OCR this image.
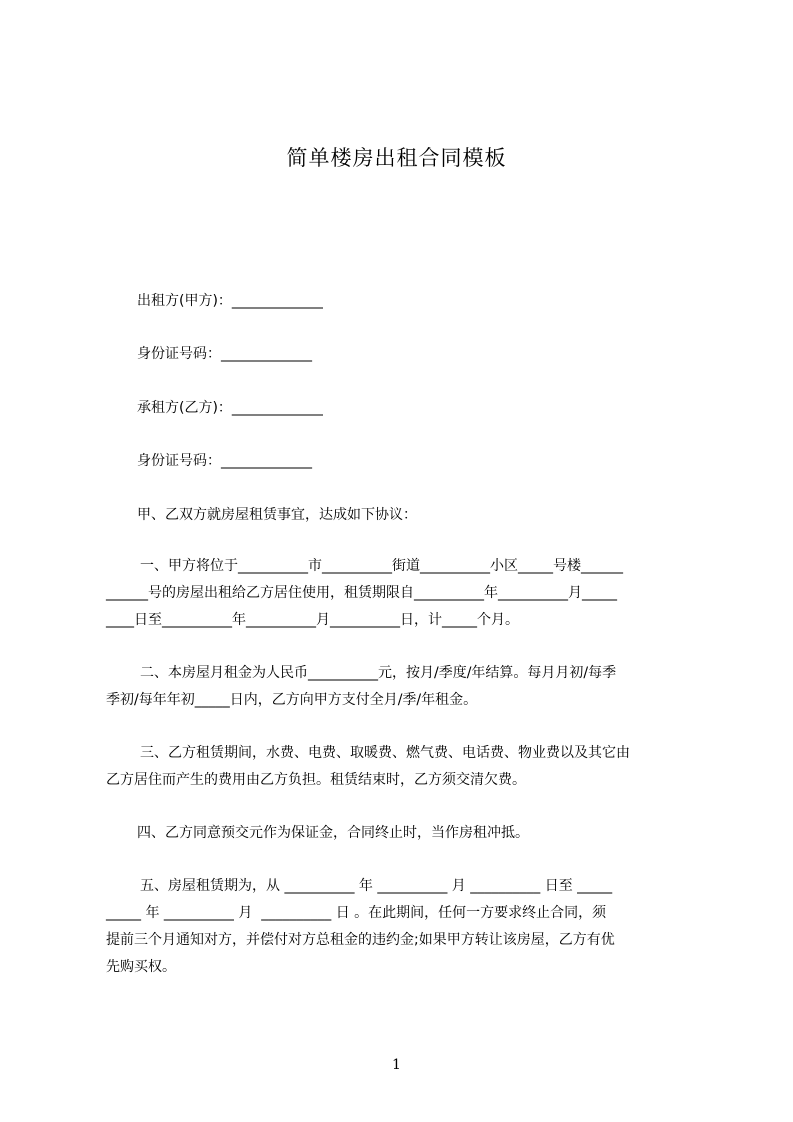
简单楼房出租合同模板
出租方(甲方)：_____________
身份证号码：_____________
承租方(乙方)：_____________
身份证号码：_____________
甲、乙双方就房屋租赁事宜，达成如下协议：
一、甲方将位于__________市__________街道__________小区_____号楼______
______号的房屋出租给乙方居住使用，租赁期限自__________年__________月_____
____日至__________年__________月__________日，计_____个月。
二、本房屋月租金为人民币__________元，按月/季度/年结算。每月月初/每季
季初/每年年初_____日内，乙方向甲方支付全月/季/年租金。
三、乙方租赁期间，水费、电费、取暖费、燃气费、电话费、物业费以及其它由
乙方居住而产生的费用由乙方负担。租赁结束时，乙方须交清欠费。
四、乙方同意预交元作为保证金，合同终止时，当作房租冲抵。
五、房屋租赁期为，从 __________ 年 __________ 月 __________ 日至 _____
_____ 年 __________ 月  __________ 日 。在此期间，任何一方要求终止合同，须
提前三个月通知对方，并偿付对方总租金的违约金;如果甲方转让该房屋，乙方有优
先购买权。
1
